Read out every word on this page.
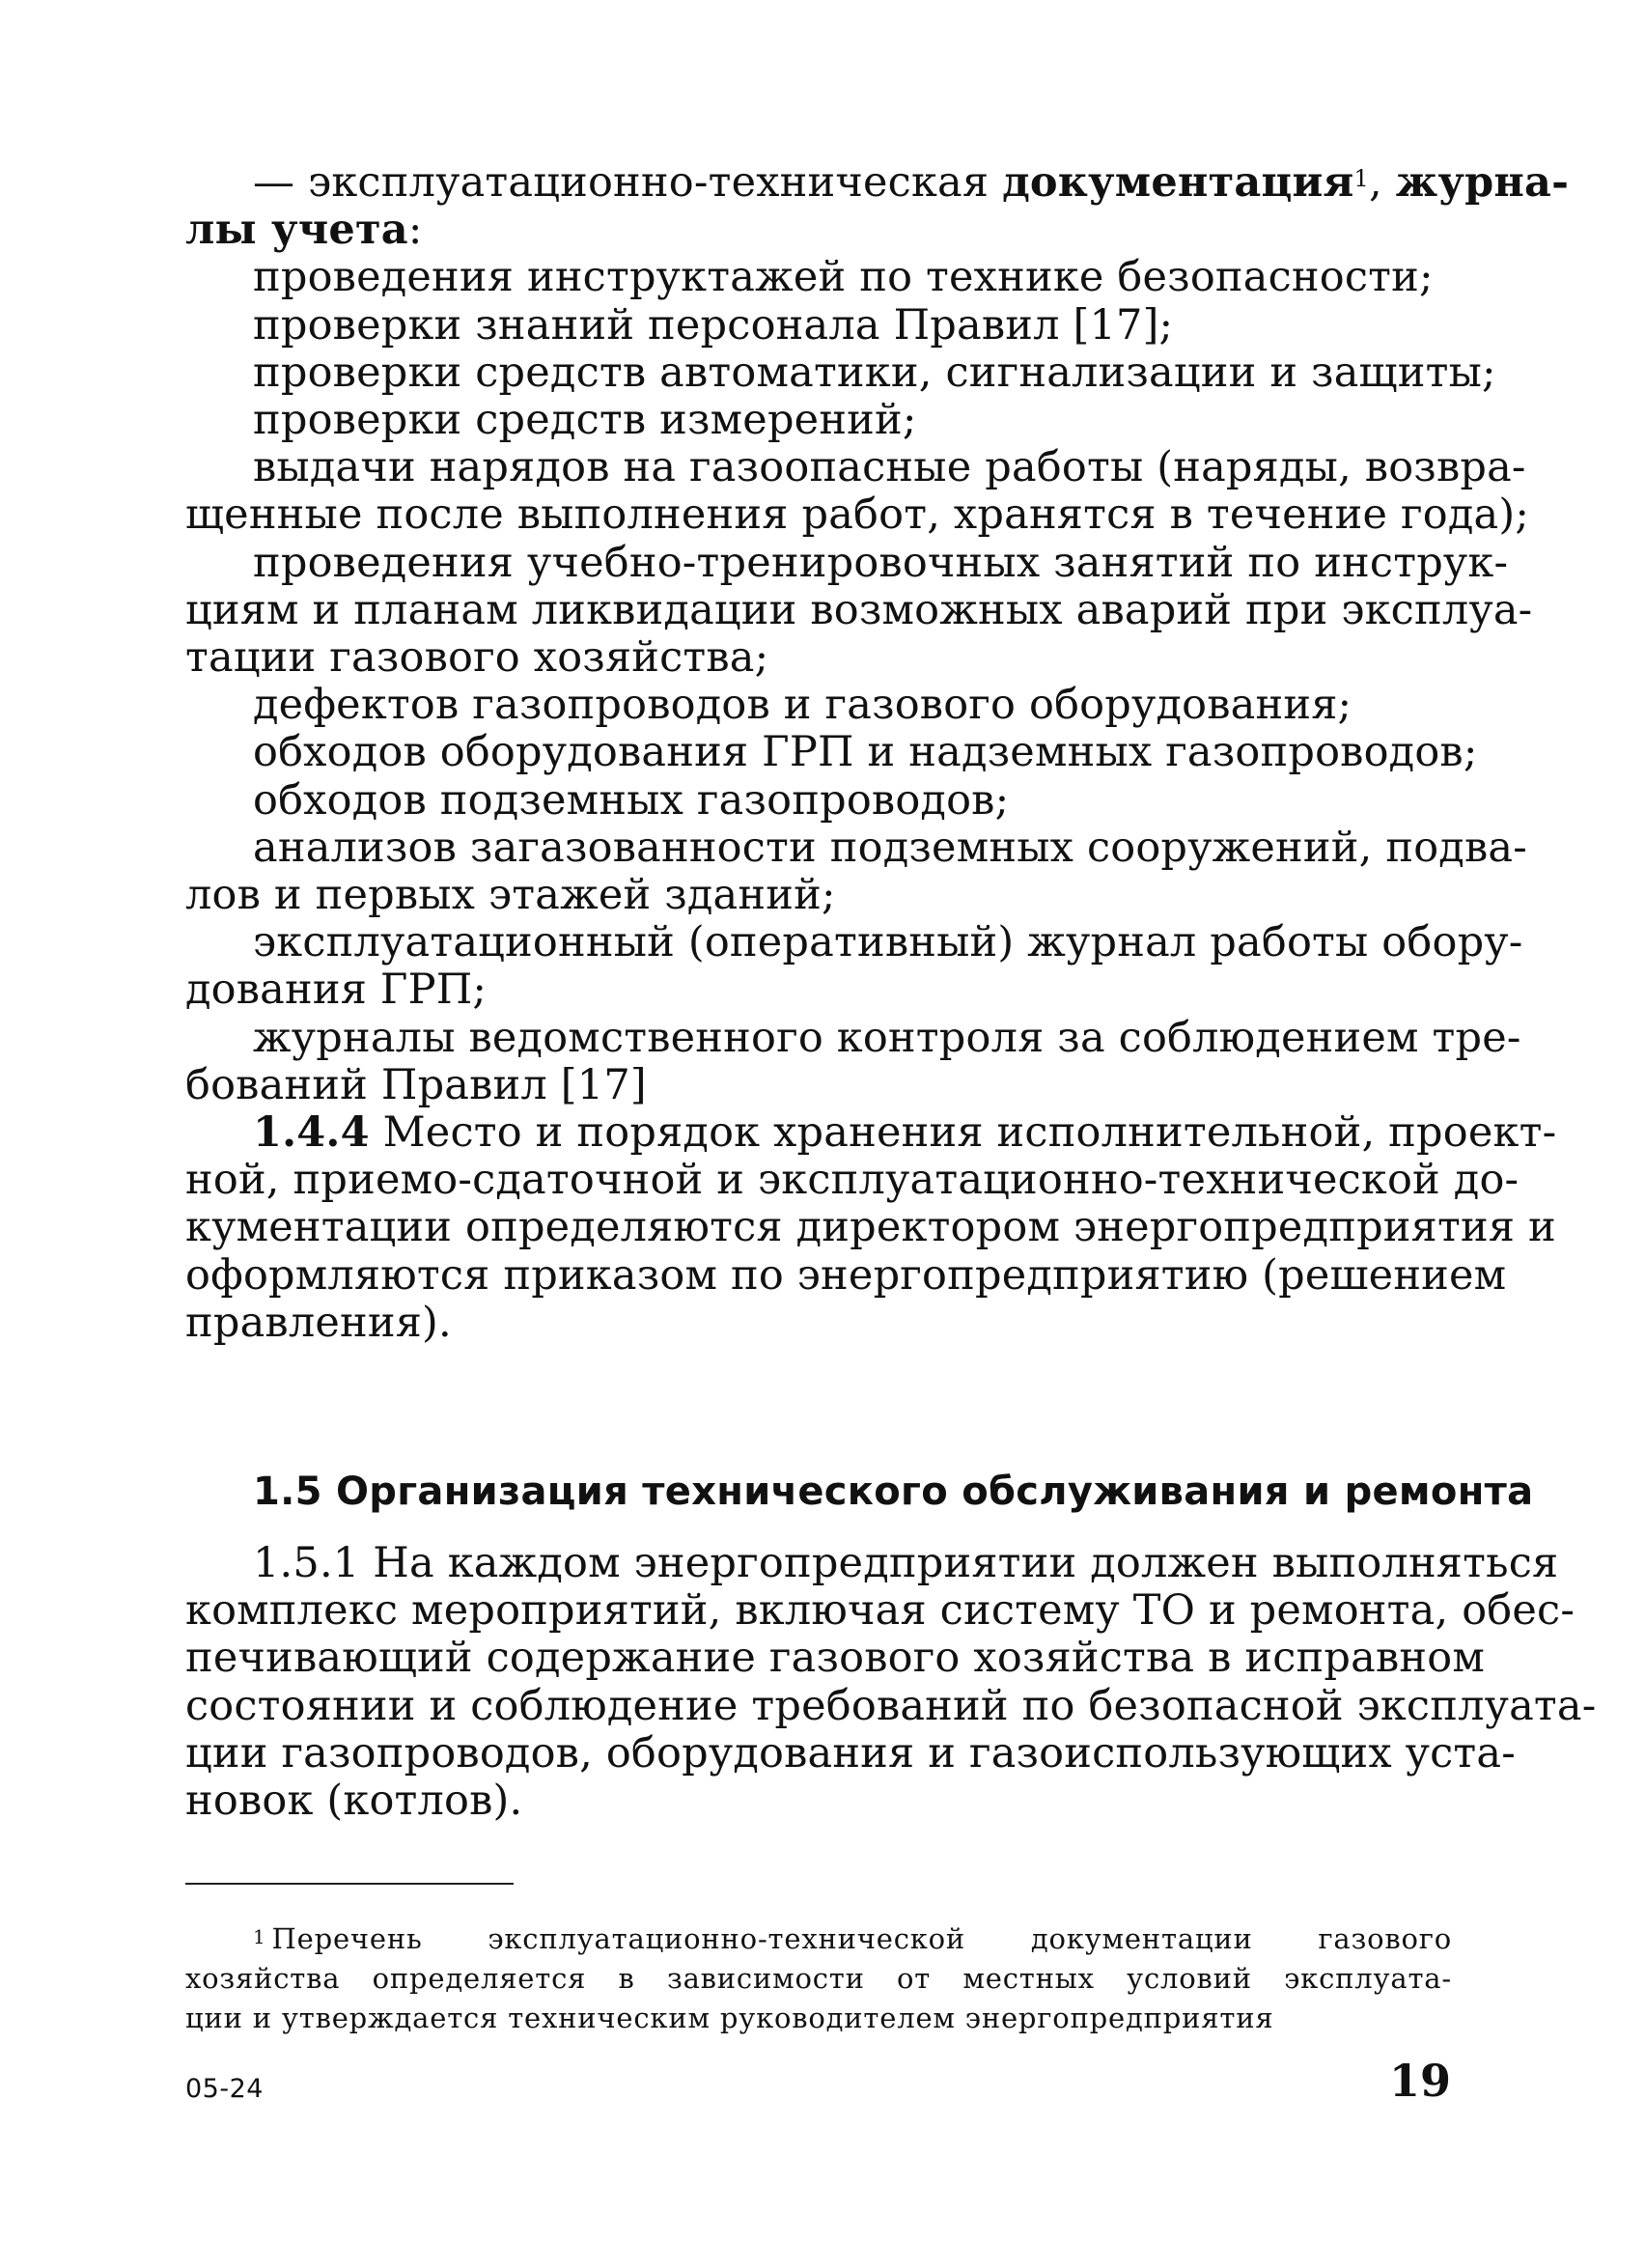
— эксплуатационно-техническая документация$^1$, журна-
лы учета:
проведения инструктажей по технике безопасности;
проверки знаний персонала Правил [17];
проверки средств автоматики, сигнализации и защиты;
проверки средств измерений;
выдачи нарядов на газоопасные работы (наряды, возвра-
щенные после выполнения работ, хранятся в течение года);
проведения учебно-тренировочных занятий по инструк-
циям и планам ликвидации возможных аварий при эксплуа-
тации газового хозяйства;
дефектов газопроводов и газового оборудования;
обходов оборудования ГРП и надземных газопроводов;
обходов подземных газопроводов;
анализов загазованности подземных сооружений, подва-
лов и первых этажей зданий;
эксплуатационный (оперативный) журнал работы обору-
дования ГРП;
журналы ведомственного контроля за соблюдением тре-
бований Правил [17]
1.4.4 Место и порядок хранения исполнительной, проект-
ной, приемо-сдаточной и эксплуатационно-технической до-
кументации определяются директором энергопредприятия и
оформляются приказом по энергопредприятию (решением
правления).
1.5 Организация технического обслуживания и ремонта
1.5.1 На каждом энергопредприятии должен выполняться
комплекс мероприятий, включая систему ТО и ремонта, обес-
печивающий содержание газового хозяйства в исправном
состоянии и соблюдение требований по безопасной эксплуата-
ции газопроводов, оборудования и газоиспользующих уста-
новок (котлов).
$^1$ Перечень эксплуатационно-технической документации газового
хозяйства определяется в зависимости от местных условий эксплуата-
ции и утверждается техническим руководителем энергопредприятия
05-24	19
